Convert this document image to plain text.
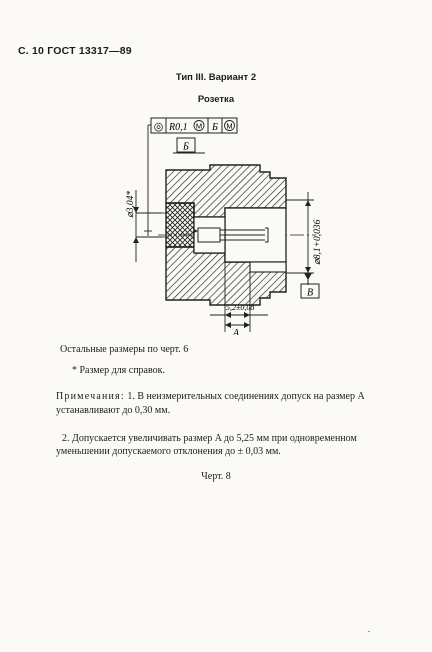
С. 10 ГОСТ 13317—89
Тип III. Вариант 2
Розетка
◎ R0,1 M Б M
Б
⌀3,04*
⌀8,1+0,036
В
5,2±0,08
A
Остальные размеры по черт. 6
* Размер для справок.
Примечания: 1. В неизмерительных соединениях допуск на размер A
устанавливают до 0,30 мм.
2. Допускается увеличивать размер A до 5,25 мм при одновременном
уменьшении допускаемого отклонения до ± 0,03 мм.
Черт. 8
